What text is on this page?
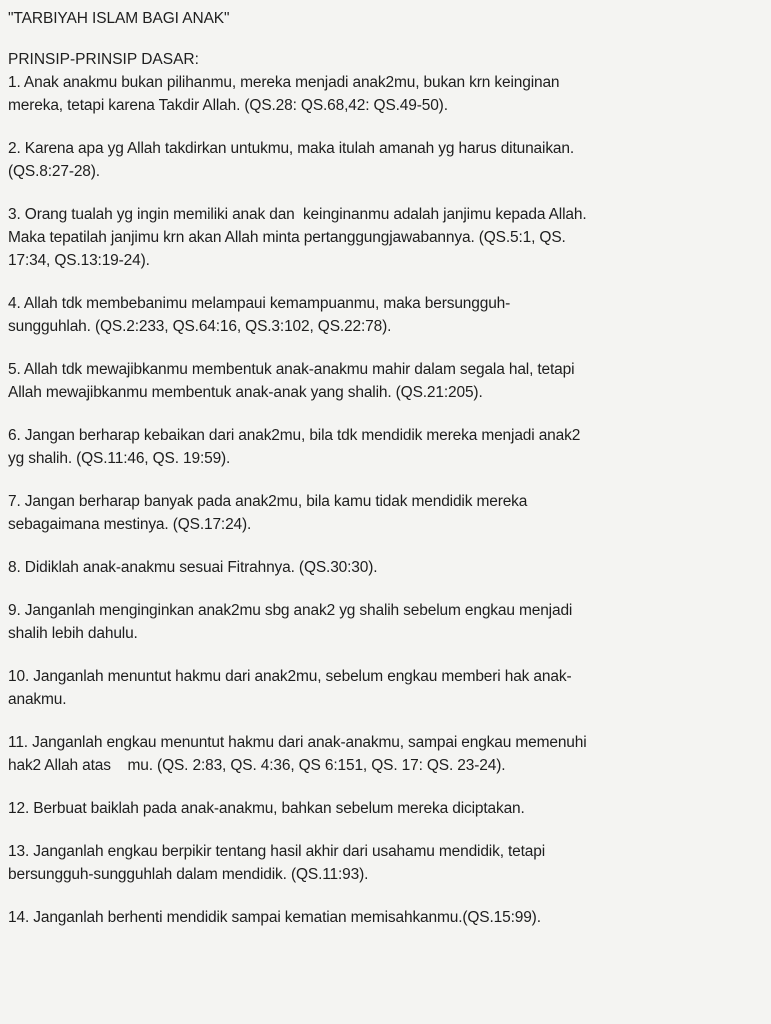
"TARBIYAH ISLAM BAGI ANAK"
PRINSIP-PRINSIP DASAR:
1. Anak anakmu bukan pilihanmu, mereka menjadi anak2mu, bukan krn keinginan
mereka, tetapi karena Takdir Allah. (QS.28: QS.68,42: QS.49-50).
2. Karena apa yg Allah takdirkan untukmu, maka itulah amanah yg harus ditunaikan.
(QS.8:27-28).
3. Orang tualah yg ingin memiliki anak dan  keinginanmu adalah janjimu kepada Allah.
Maka tepatilah janjimu krn akan Allah minta pertanggungjawabannya. (QS.5:1, QS.
17:34, QS.13:19-24).
4. Allah tdk membebanimu melampaui kemampuanmu, maka bersungguh-
sungguhlah. (QS.2:233, QS.64:16, QS.3:102, QS.22:78).
5. Allah tdk mewajibkanmu membentuk anak-anakmu mahir dalam segala hal, tetapi
Allah mewajibkanmu membentuk anak-anak yang shalih. (QS.21:205).
6. Jangan berharap kebaikan dari anak2mu, bila tdk mendidik mereka menjadi anak2
yg shalih. (QS.11:46, QS. 19:59).
7. Jangan berharap banyak pada anak2mu, bila kamu tidak mendidik mereka
sebagaimana mestinya. (QS.17:24).
8. Didiklah anak-anakmu sesuai Fitrahnya. (QS.30:30).
9. Janganlah menginginkan anak2mu sbg anak2 yg shalih sebelum engkau menjadi
shalih lebih dahulu.
10. Janganlah menuntut hakmu dari anak2mu, sebelum engkau memberi hak anak-
anakmu.
11. Janganlah engkau menuntut hakmu dari anak-anakmu, sampai engkau memenuhi
hak2 Allah atas    mu. (QS. 2:83, QS. 4:36, QS 6:151, QS. 17: QS. 23-24).
12. Berbuat baiklah pada anak-anakmu, bahkan sebelum mereka diciptakan.
13. Janganlah engkau berpikir tentang hasil akhir dari usahamu mendidik, tetapi
bersungguh-sungguhlah dalam mendidik. (QS.11:93).
14. Janganlah berhenti mendidik sampai kematian memisahkanmu.(QS.15:99).
